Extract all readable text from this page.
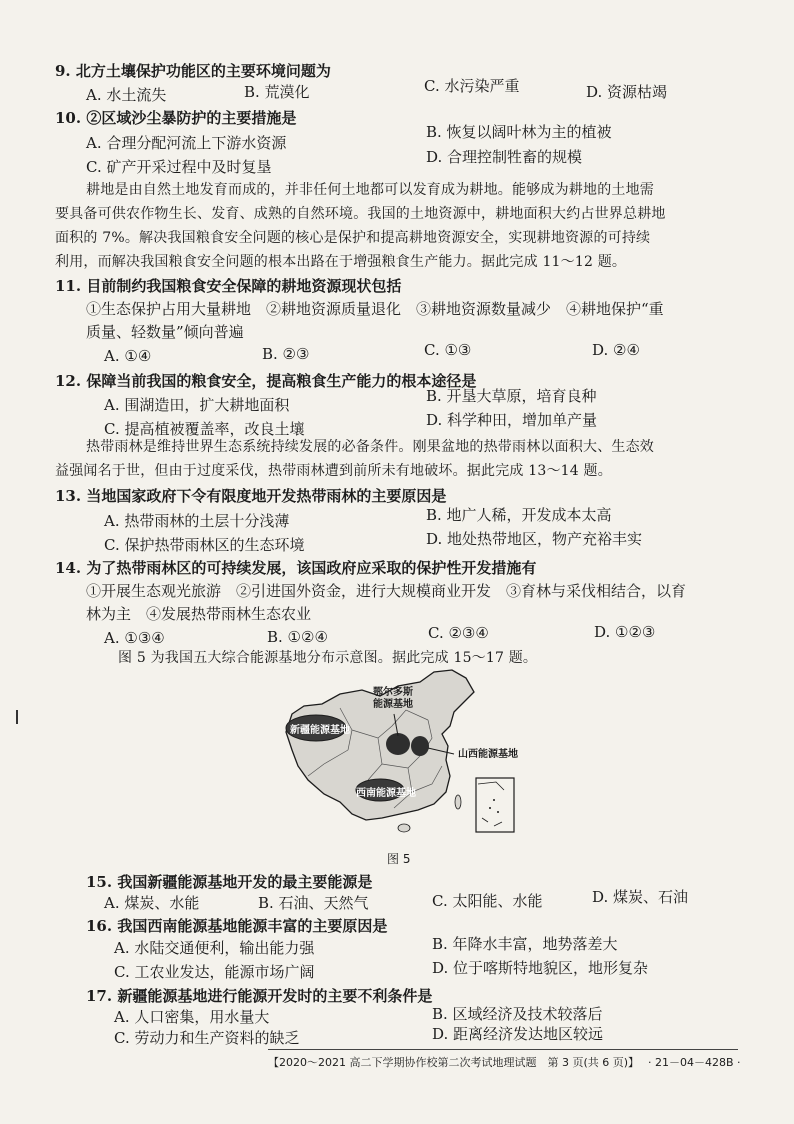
9. 北方土壤保护功能区的主要环境问题为
A. 水土流失	B. 荒漠化	C. 水污染严重	D. 资源枯竭
10. ②区域沙尘暴防护的主要措施是
A. 合理分配河流上下游水资源
B. 恢复以阔叶林为主的植被
C. 矿产开采过程中及时复垦
D. 合理控制牲畜的规模
耕地是由自然土地发育而成的，并非任何土地都可以发育成为耕地。能够成为耕地的土地需
要具备可供农作物生长、发育、成熟的自然环境。我国的土地资源中，耕地面积大约占世界总耕地
面积的 7%。解决我国粮食安全问题的核心是保护和提高耕地资源安全，实现耕地资源的可持续
利用，而解决我国粮食安全问题的根本出路在于增强粮食生产能力。据此完成 11～12 题。
11. 目前制约我国粮食安全保障的耕地资源现状包括
①生态保护占用大量耕地　②耕地资源质量退化　③耕地资源数量减少　④耕地保护“重
质量、轻数量”倾向普遍
A. ①④	B. ②③	C. ①③	D. ②④
12. 保障当前我国的粮食安全，提高粮食生产能力的根本途径是
A. 围湖造田，扩大耕地面积	B. 开垦大草原，培育良种
C. 提高植被覆盖率，改良土壤	D. 科学种田，增加单产量
热带雨林是维持世界生态系统持续发展的必备条件。刚果盆地的热带雨林以面积大、生态效
益强闻名于世，但由于过度采伐，热带雨林遭到前所未有地破坏。据此完成 13～14 题。
13. 当地国家政府下令有限度地开发热带雨林的主要原因是
A. 热带雨林的土层十分浅薄	B. 地广人稀，开发成本太高
C. 保护热带雨林区的生态环境	D. 地处热带地区，物产充裕丰实
14. 为了热带雨林区的可持续发展，该国政府应采取的保护性开发措施有
①开展生态观光旅游　②引进国外资金，进行大规模商业开发　③育林与采伐相结合，以育
林为主　④发展热带雨林生态农业
A. ①③④	B. ①②④	C. ②③④	D. ①②③
图 5 为我国五大综合能源基地分布示意图。据此完成 15～17 题。
新疆能源基地
鄂尔多斯能源基地
山西能源基地
西南能源基地
图 5
15. 我国新疆能源基地开发的最主要能源是
A. 煤炭、水能	B. 石油、天然气	C. 太阳能、水能	D. 煤炭、石油
16. 我国西南能源基地能源丰富的主要原因是
A. 水陆交通便利，输出能力强	B. 年降水丰富，地势落差大
C. 工农业发达，能源市场广阔	D. 位于喀斯特地貌区，地形复杂
17. 新疆能源基地进行能源开发时的主要不利条件是
A. 人口密集，用水量大	B. 区域经济及技术较落后
C. 劳动力和生产资料的缺乏	D. 距离经济发达地区较远
【2020～2021 高二下学期协作校第二次考试地理试题　第 3 页(共 6 页)】 · 21－04－428B ·
